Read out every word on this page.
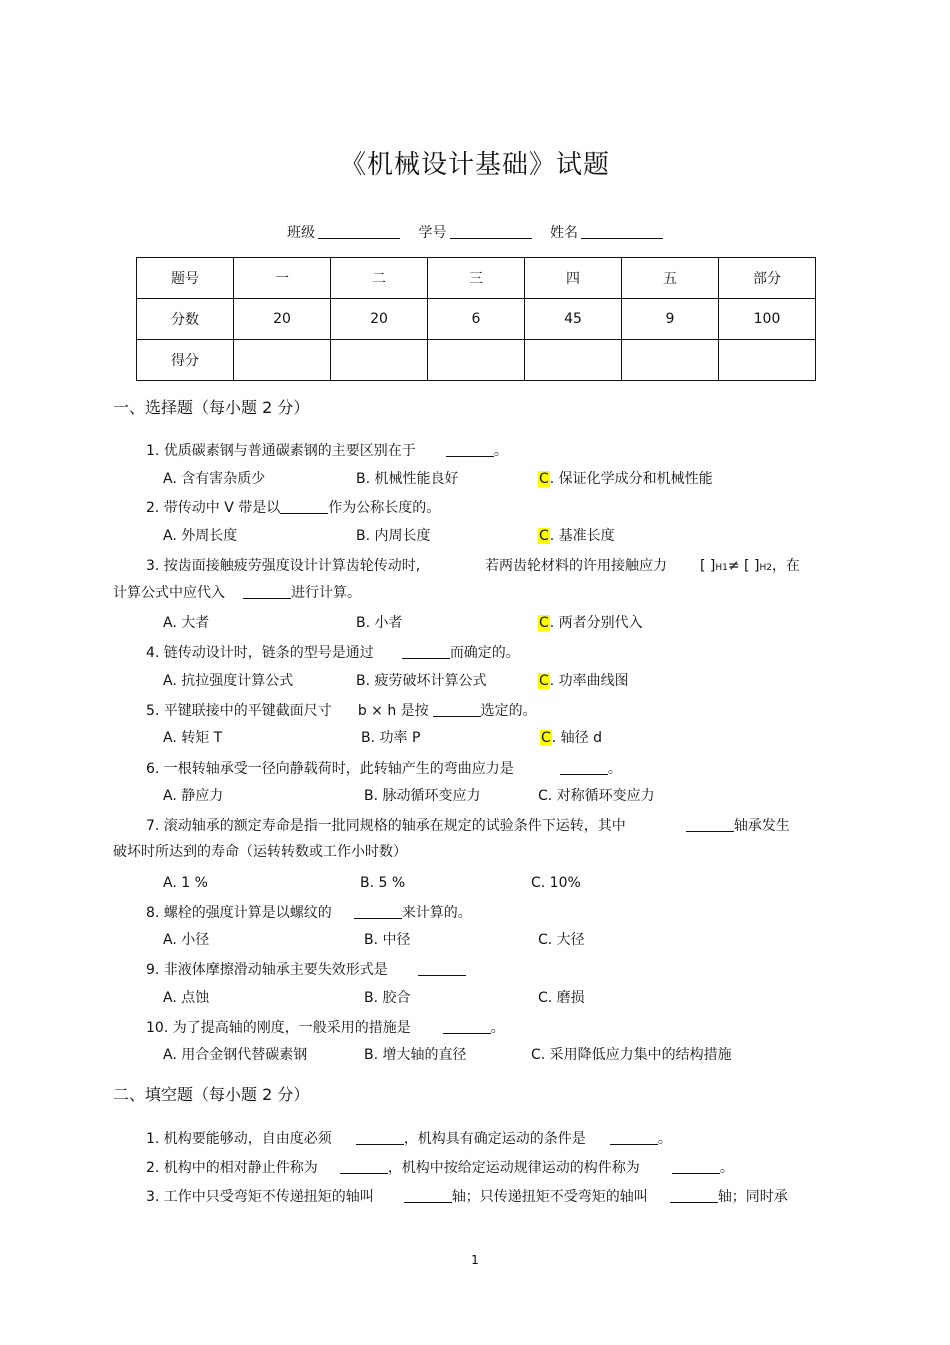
《机械设计基础》试题
班级	学号	姓名
题号	一	二	三	四	五	部分
分数	20	20	6	45	9	100
得分						
一、选择题（每小题 2 分）
1. 优质碳素钢与普通碳素钢的主要区别在于	。
A. 含有害杂质少	B. 机械性能良好	C. 保证化学成分和机械性能
2. 带传动中 V 带是以	作为公称长度的。
A. 外周长度	B. 内周长度	C. 基准长度
3. 按齿面接触疲劳强度设计计算齿轮传动时,	若两齿轮材料的许用接触应力 [ ]H1≠ [ ]H2，在
计算公式中应代入	进行计算。
A. 大者	B. 小者	C. 两者分别代入
4. 链传动设计时，链条的型号是通过	而确定的。
A. 抗拉强度计算公式	B. 疲劳破坏计算公式	C. 功率曲线图
5. 平键联接中的平键截面尺寸 b × h 是按	选定的。
A. 转矩 T	B. 功率 P	C. 轴径 d
6. 一根转轴承受一径向静载荷时，此转轴产生的弯曲应力是	。
A. 静应力	B. 脉动循环变应力	C. 对称循环变应力
7. 滚动轴承的额定寿命是指一批同规格的轴承在规定的试验条件下运转，其中	轴承发生
破坏时所达到的寿命（运转转数或工作小时数）
A. 1 %	B. 5 %	C. 10%
8. 螺栓的强度计算是以螺纹的	来计算的。
A. 小径	B. 中径	C. 大径
9. 非液体摩擦滑动轴承主要失效形式是
A. 点蚀	B. 胶合	C. 磨损
10. 为了提高轴的刚度，一般采用的措施是	。
A. 用合金钢代替碳素钢	B. 增大轴的直径	C. 采用降低应力集中的结构措施
二、填空题（每小题 2 分）
1. 机构要能够动，自由度必须	，机构具有确定运动的条件是	。
2. 机构中的相对静止件称为	，机构中按给定运动规律运动的构件称为	。
3. 工作中只受弯矩不传递扭矩的轴叫	轴；只传递扭矩不受弯矩的轴叫	轴；同时承
1
